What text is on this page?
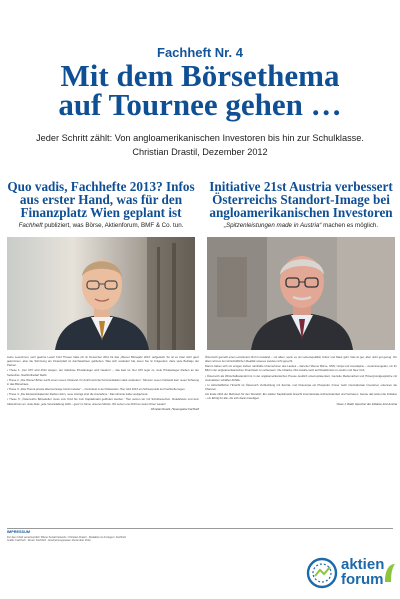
Fachheft Nr. 4
Mit dem Börsethema
auf Tournee gehen …
Jeder Schritt zählt: Von angloamerikanischen Investoren bis hin zur Schulklasse.
Christian Drastil, Dezember 2012
Quo vadis, Fachhefte 2013? Infos aus erster Hand, was für den Finanzplatz Wien geplant ist
Fachheft publiziert, was Börse, Aktienforum, BMF & Co. tun.
Initiative 21st Austria verbessert Österreichs Standort-Image bei angloamerikanischen Investoren
„Spitzenleistungen made in Austria“ machen es möglich.

Liebe Leserinnen, sehr geehrte Leser! Fünf Thesen hatte ich im Dezember 2011 für das „Wiener Börsejahr 2012“ aufgestellt. So ist es zwar nicht ganz gekommen, aber die Stimmung am Finanzplatz ist durchwachsen geblieben. Was sich verändert hat, lesen Sie im Folgenden; dazu viele Beiträge der Partner.

• These 1: „Der ATX wird 2012 steigen, der risikolose Privatanleger wird zaudern“ – das kam so. Der ATX legte zu, viele Privatanleger blieben an der Seitenlinie. Nachholbedarf bleibt.

• These 2: „Die Wiener Börse sucht einen neuen Vorstand. Ihr Antritt wird die Kommunikation stark verändern.“ Mit dem neuen Vorstand kam neuer Schwung in das Börsehaus.

• These 3: „Das Thema private Altersvorsorge kommt wieder“ – zumindest in der Diskussion. Hier wird 2013 ein Schwerpunkt der Fachhefte liegen.

• These 4: „Die Emissionskalender bleiben dünn, neue Listings sind die Ausnahme.“ Das stimmte leider weitgehend.

• These 5: „Österreichs Börsekultur muss vom Kind bis zum Kapitalmarkt gefördert werden.“ Hier setzen wir mit Schulbesuchen, Roadshows und dem Aktienforum an. Jede Aktie, jede Veranstaltung zählt – ganz im Sinne unseres Mottos. Wir sehen uns 2013 an vielen Orten wieder!

Christian Drastil, Herausgeber Fachheft

Österreich genießt einen exzellenten Ruf im Ausland – vor allem, wenn es um Lebensqualität, Kultur und Natur geht. Das ist gut, aber nicht gut genug. Vor allem wird es der wirtschaftlichen Realität unseres Landes nicht gerecht.

Darum haben sich vor einigen Jahren namhafte Unternehmen des Landes – darunter Wiener Börse, OMV, Uniqa und voestalpine – zusammengetan, um ihr Bild in der angloamerikanischen Finanzwelt zu verbessern. Die Initiative 21st Austria setzt auf Roadshows in London und New York.

• Österreich als Wirtschaftsstandort ist in der angloamerikanischen Presse deutlich unterrepräsentiert. Gezielte Medienarbeit und Hintergrundgespräche mit Journalisten schaffen Abhilfe.

• In wirtschaftlicher Hinsicht ist Österreich Verflechtung mit Zentral- und Osteuropa ein Pluspunkt. Immer mehr internationale Investoren erkennen die Chancen.

Am Ende zählt der Mehrwert für den Standort: Ein starker Kapitalmarkt braucht internationale Aufmerksamkeit und Vertrauen. Genau das leistet die Initiative – ein Erfolg für alle, die sich daran beteiligen.

Claus J. Raidl, Sprecher der Initiative 21st Austria
IMPRESSUM
Für den Inhalt verantwortlich: Börse Social Network / Christian Drastil · Redaktion & Anzeigen: Fachheft.
Grafik: Fachheft · Druck: Fachheft · Erscheinungsweise: Dezember 2012.
aktien
forum
